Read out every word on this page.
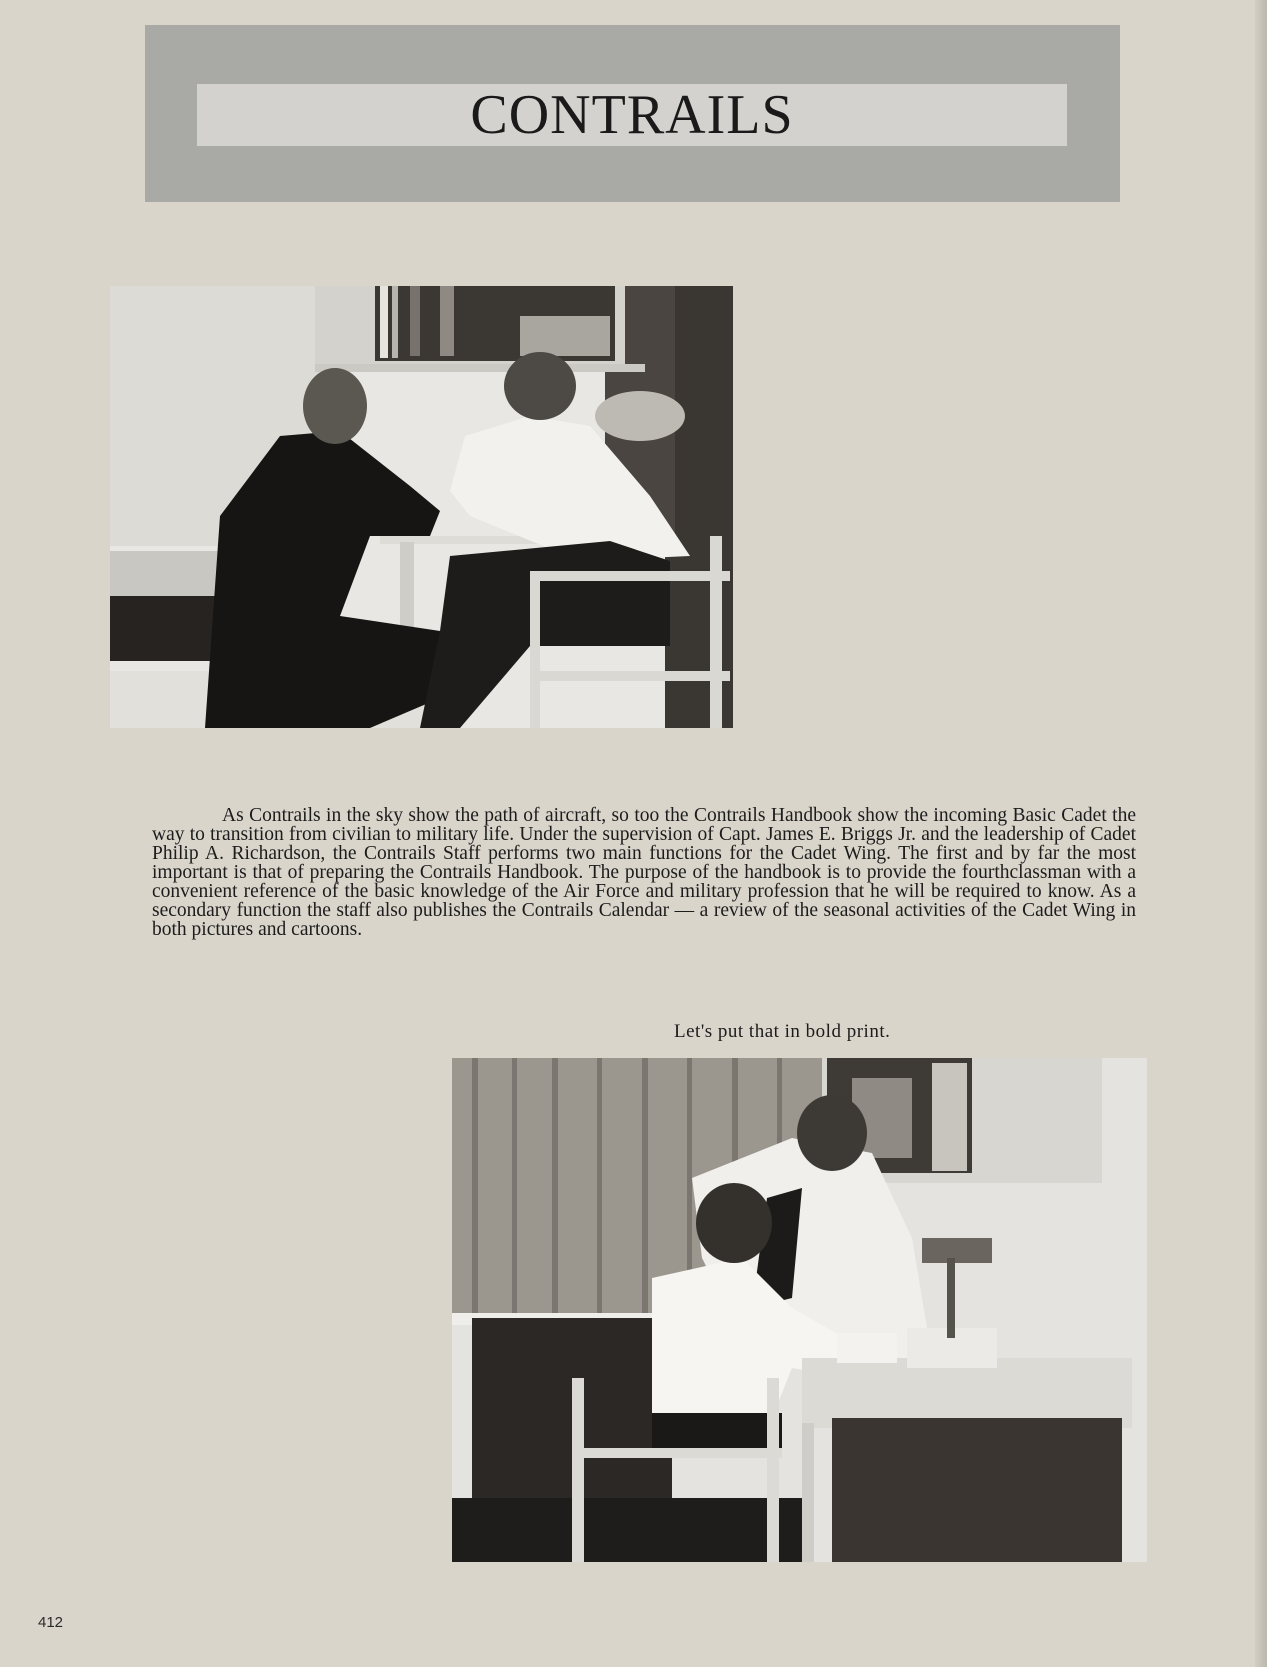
CONTRAILS

As Contrails in the sky show the path of aircraft, so too the Contrails Handbook show the incoming Basic Cadet the way to transition from civilian to military life. Under the supervision of Capt. James E. Briggs Jr. and the leadership of Cadet Philip A. Richardson, the Contrails Staff performs two main functions for the Cadet Wing. The first and by far the most important is that of preparing the Contrails Handbook. The purpose of the handbook is to provide the fourthclassman with a convenient reference of the basic knowledge of the Air Force and military profession that he will be required to know. As a secondary function the staff also publishes the Contrails Calendar — a review of the seasonal activities of the Cadet Wing in both pictures and cartoons.

Let's put that in bold print.
412
